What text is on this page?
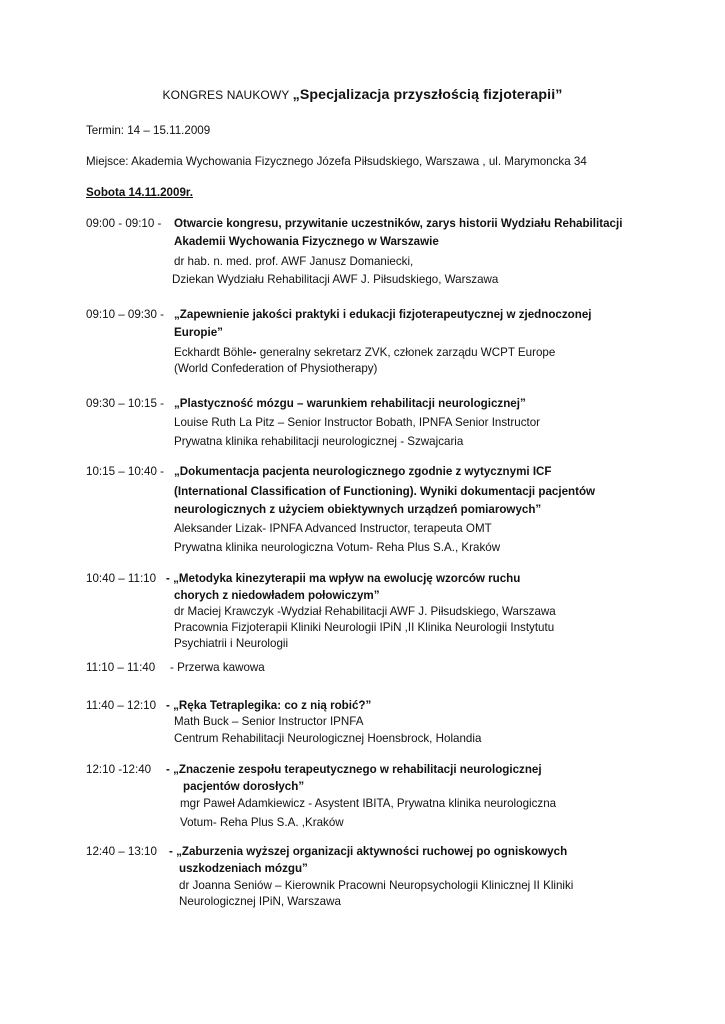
KONGRES NAUKOWY „Specjalizacja przyszłością fizjoterapii”
Termin: 14 – 15.11.2009
Miejsce: Akademia Wychowania Fizycznego Józefa Piłsudskiego, Warszawa , ul. Marymoncka 34
Sobota 14.11.2009r.
09:00 - 09:10 - Otwarcie kongresu, przywitanie uczestników, zarys historii Wydziału Rehabilitacji
Akademii Wychowania Fizycznego w Warszawie
dr hab. n. med. prof. AWF Janusz Domaniecki,
Dziekan Wydziału Rehabilitacji AWF J. Piłsudskiego, Warszawa
09:10 – 09:30 - „Zapewnienie jakości praktyki i edukacji fizjoterapeutycznej w zjednoczonej
Europie”
Eckhardt Böhle- generalny sekretarz ZVK, członek zarządu WCPT Europe
(World Confederation of Physiotherapy)
09:30 – 10:15 - „Plastyczność mózgu – warunkiem rehabilitacji neurologicznej”
Louise Ruth La Pitz – Senior Instructor Bobath, IPNFA Senior Instructor
Prywatna klinika rehabilitacji neurologicznej - Szwajcaria
10:15 – 10:40 - „Dokumentacja pacjenta neurologicznego zgodnie z wytycznymi ICF
(International Classification of Functioning). Wyniki dokumentacji pacjentów
neurologicznych z użyciem obiektywnych urządzeń pomiarowych”
Aleksander Lizak- IPNFA Advanced Instructor, terapeuta OMT
Prywatna klinika neurologiczna Votum- Reha Plus S.A., Kraków
10:40 – 11:10 - „Metodyka kinezyterapii ma wpływ na ewolucję wzorców ruchu
chorych z niedowładem połowiczym”
dr Maciej Krawczyk -Wydział Rehabilitacji AWF J. Piłsudskiego, Warszawa
Pracownia Fizjoterapii Kliniki Neurologii IPiN ,II Klinika Neurologii Instytutu
Psychiatrii i Neurologii
11:10 – 11:40 - Przerwa kawowa
11:40 – 12:10 - „Ręka Tetraplegika: co z nią robić?”
Math Buck – Senior Instructor IPNFA
Centrum Rehabilitacji Neurologicznej Hoensbrock, Holandia
12:10 -12:40 - „Znaczenie zespołu terapeutycznego w rehabilitacji neurologicznej
pacjentów dorosłych”
mgr Paweł Adamkiewicz - Asystent IBITA, Prywatna klinika neurologiczna
Votum- Reha Plus S.A. ,Kraków
12:40 – 13:10 - „Zaburzenia wyższej organizacji aktywności ruchowej po ogniskowych
uszkodzeniach mózgu”
dr Joanna Seniów – Kierownik Pracowni Neuropsychologii Klinicznej II Kliniki
Neurologicznej IPiN, Warszawa
